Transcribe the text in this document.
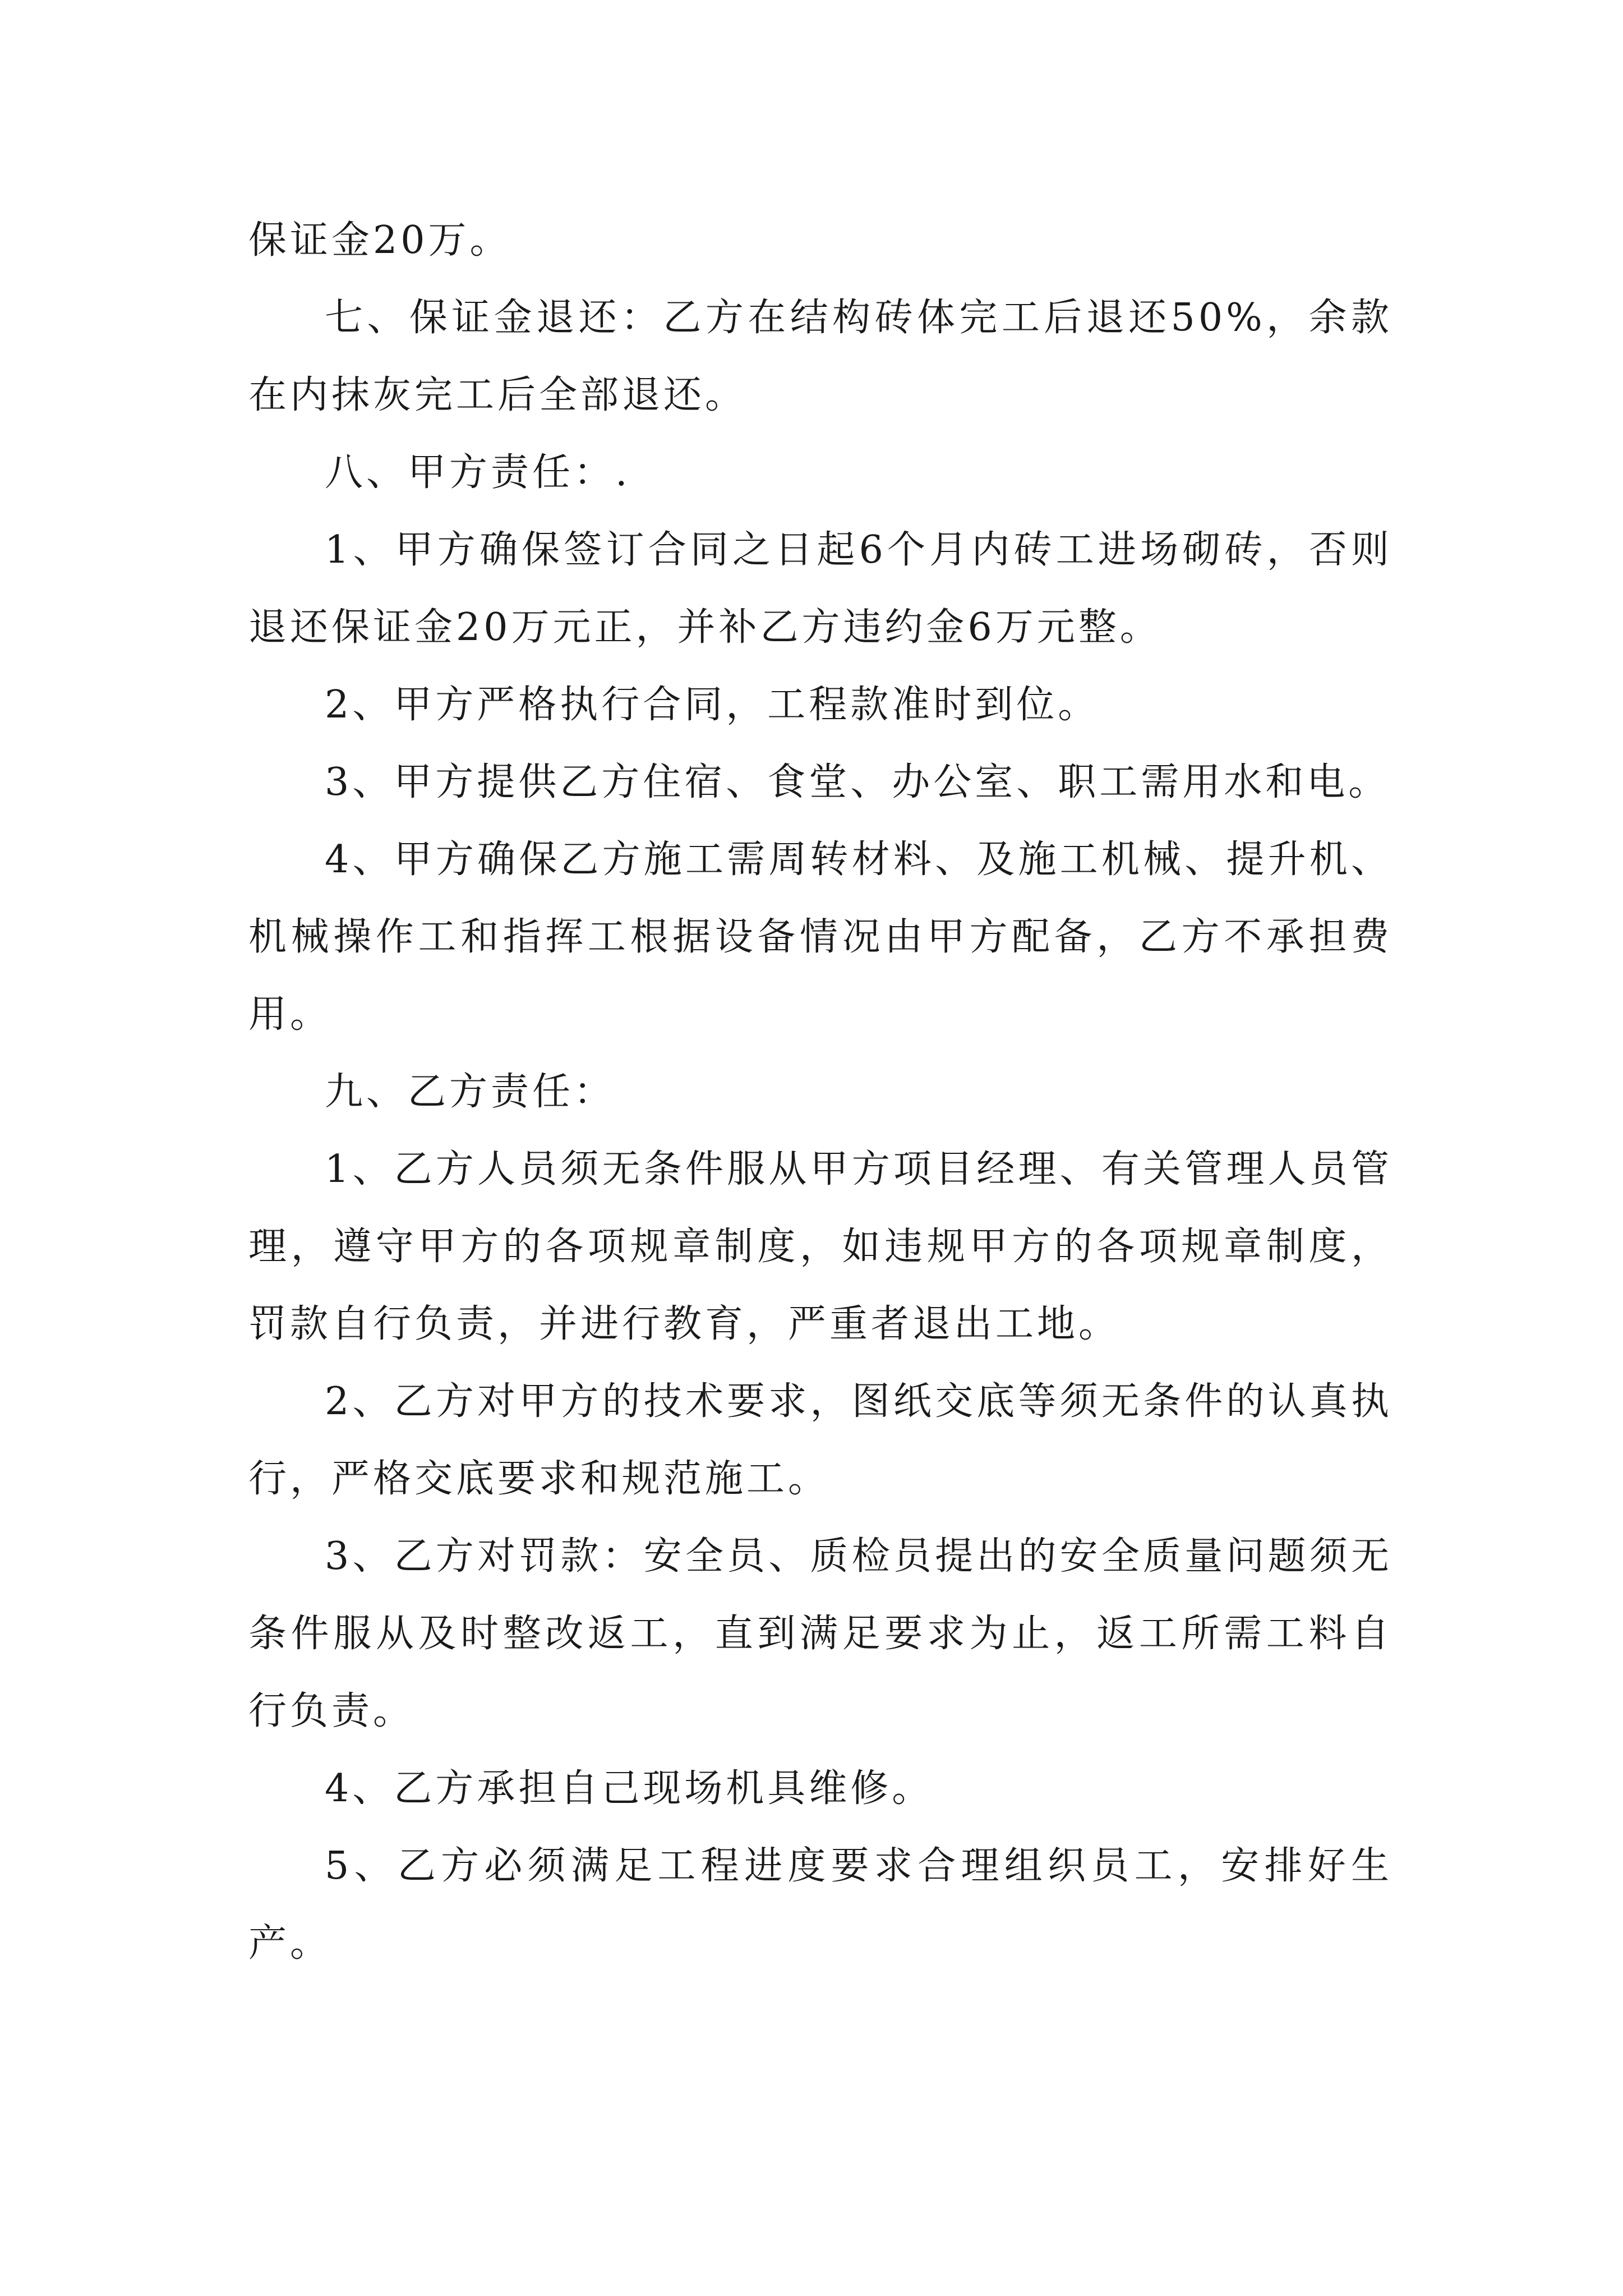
保证金20万。

七、保证金退还：乙方在结构砖体完工后退还50%，余款在内抹灰完工后全部退还。

八、甲方责任：.

1、甲方确保签订合同之日起6个月内砖工进场砌砖，否则退还保证金20万元正，并补乙方违约金6万元整。

2、甲方严格执行合同，工程款准时到位。

3、甲方提供乙方住宿、食堂、办公室、职工需用水和电。

4、甲方确保乙方施工需周转材料、及施工机械、提升机、机械操作工和指挥工根据设备情况由甲方配备，乙方不承担费用。

九、乙方责任：

1、乙方人员须无条件服从甲方项目经理、有关管理人员管理，遵守甲方的各项规章制度，如违规甲方的各项规章制度，罚款自行负责，并进行教育，严重者退出工地。

2、乙方对甲方的技术要求，图纸交底等须无条件的认真执行，严格交底要求和规范施工。

3、乙方对罚款：安全员、质检员提出的安全质量问题须无条件服从及时整改返工，直到满足要求为止，返工所需工料自行负责。

4、乙方承担自己现场机具维修。

5、乙方必须满足工程进度要求合理组织员工，安排好生产。
